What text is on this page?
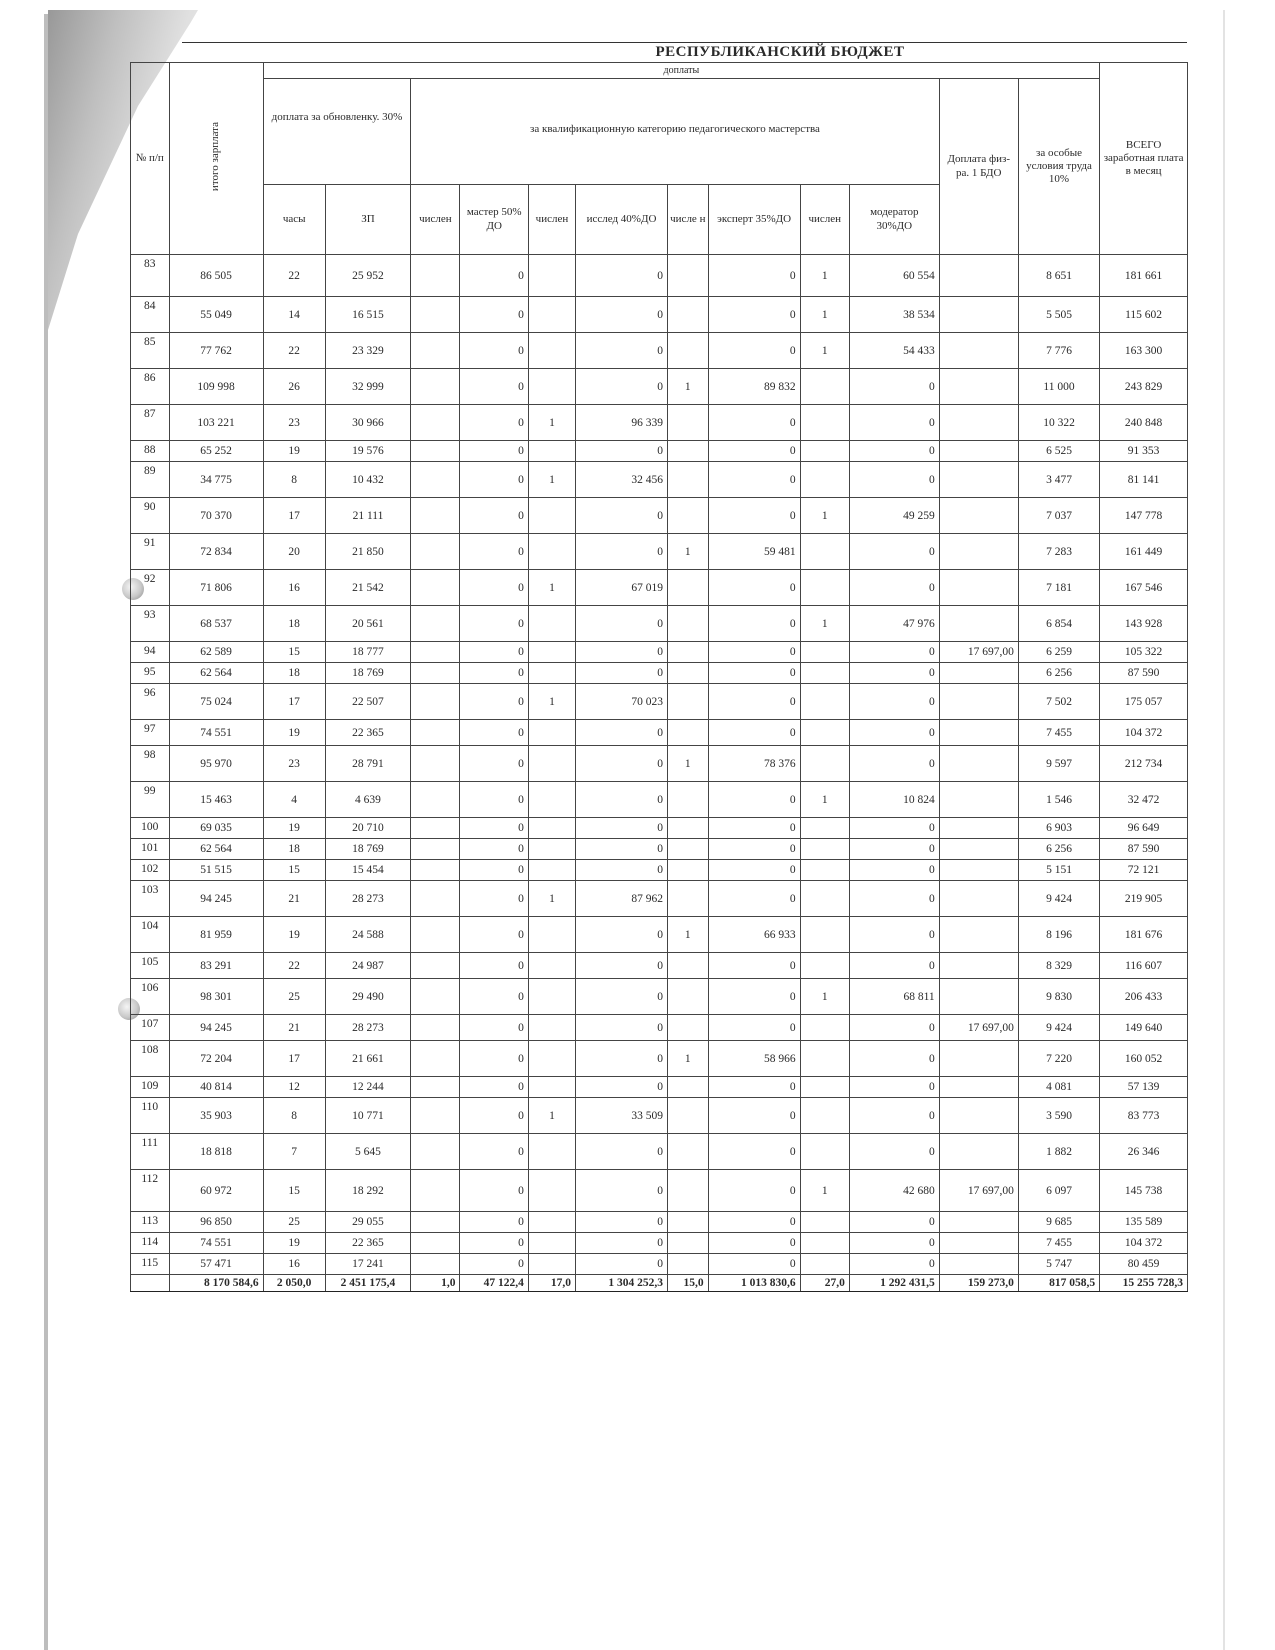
РЕСПУБЛИКАНСКИЙ БЮДЖЕТ
№ п/п	итого зарплата	доплаты												ВСЕГО заработная плата в месяц
		доплата за обновленку. 30%		за квалификационную категорию педагогического мастерства								Доплата физ-ра. 1 БДО	за особые условия труда 10%	
		часы	ЗП	числен	мастер 50% ДО	числен	исслед 40%ДО	числе н	эксперт 35%ДО	числен	модератор 30%ДО			
83	86 505	22	25 952		0		0		0	1	60 554		8 651	181 661
84	55 049	14	16 515		0		0		0	1	38 534		5 505	115 602
85	77 762	22	23 329		0		0		0	1	54 433		7 776	163 300
86	109 998	26	32 999		0		0	1	89 832		0		11 000	243 829
87	103 221	23	30 966		0	1	96 339		0		0		10 322	240 848
88	65 252	19	19 576		0		0		0		0		6 525	91 353
89	34 775	8	10 432		0	1	32 456		0		0		3 477	81 141
90	70 370	17	21 111		0		0		0	1	49 259		7 037	147 778
91	72 834	20	21 850		0		0	1	59 481		0		7 283	161 449
92	71 806	16	21 542		0	1	67 019		0		0		7 181	167 546
93	68 537	18	20 561		0		0		0	1	47 976		6 854	143 928
94	62 589	15	18 777		0		0		0		0	17 697,00	6 259	105 322
95	62 564	18	18 769		0		0		0		0		6 256	87 590
96	75 024	17	22 507		0	1	70 023		0		0		7 502	175 057
97	74 551	19	22 365		0		0		0		0		7 455	104 372
98	95 970	23	28 791		0		0	1	78 376		0		9 597	212 734
99	15 463	4	4 639		0		0		0	1	10 824		1 546	32 472
100	69 035	19	20 710		0		0		0		0		6 903	96 649
101	62 564	18	18 769		0		0		0		0		6 256	87 590
102	51 515	15	15 454		0		0		0		0		5 151	72 121
103	94 245	21	28 273		0	1	87 962		0		0		9 424	219 905
104	81 959	19	24 588		0		0	1	66 933		0		8 196	181 676
105	83 291	22	24 987		0		0		0		0		8 329	116 607
106	98 301	25	29 490		0		0		0	1	68 811		9 830	206 433
107	94 245	21	28 273		0		0		0		0	17 697,00	9 424	149 640
108	72 204	17	21 661		0		0	1	58 966		0		7 220	160 052
109	40 814	12	12 244		0		0		0		0		4 081	57 139
110	35 903	8	10 771		0	1	33 509		0		0		3 590	83 773
111	18 818	7	5 645		0		0		0		0		1 882	26 346
112	60 972	15	18 292		0		0		0	1	42 680	17 697,00	6 097	145 738
113	96 850	25	29 055		0		0		0		0		9 685	135 589
114	74 551	19	22 365		0		0		0		0		7 455	104 372
115	57 471	16	17 241		0		0		0		0		5 747	80 459
	8 170 584,6	2 050,0	2 451 175,4	1,0	47 122,4	17,0	1 304 252,3	15,0	1 013 830,6	27,0	1 292 431,5	159 273,0	817 058,5	15 255 728,3
